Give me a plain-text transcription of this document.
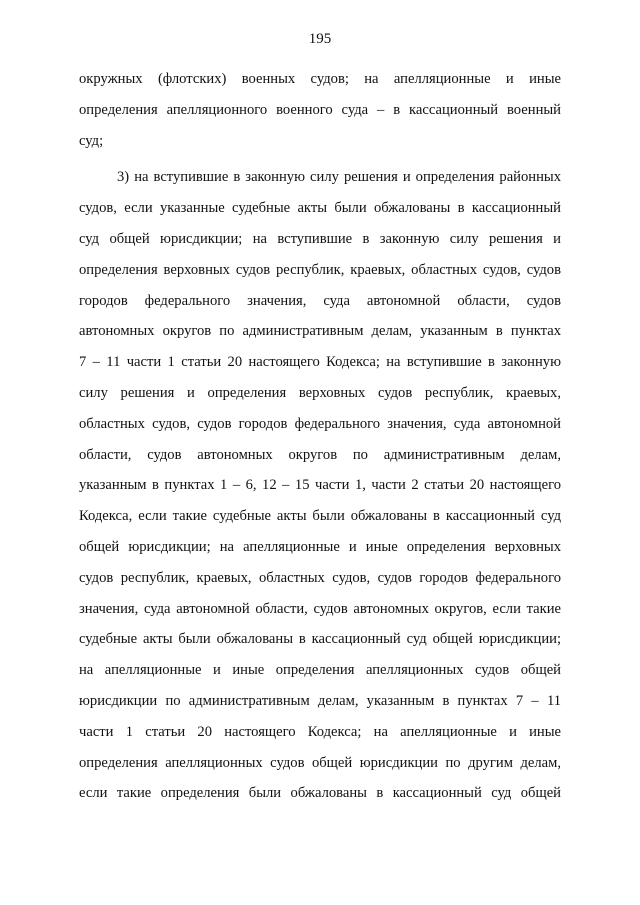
195
окружных (флотских) военных судов; на апелляционные и иные
определения апелляционного военного суда – в кассационный военный
суд;
3) на вступившие в законную силу решения и определения районных
судов, если указанные судебные акты были обжалованы в кассационный
суд общей юрисдикции; на вступившие в законную силу решения и
определения верховных судов республик, краевых, областных судов, судов
городов федерального значения, суда автономной области, судов
автономных округов по административным делам, указанным в пунктах
7 – 11 части 1 статьи 20 настоящего Кодекса; на вступившие в законную
силу решения и определения верховных судов республик, краевых,
областных судов, судов городов федерального значения, суда автономной
области, судов автономных округов по административным делам,
указанным в пунктах 1 – 6, 12 – 15 части 1, части 2 статьи 20 настоящего
Кодекса, если такие судебные акты были обжалованы в кассационный суд
общей юрисдикции; на апелляционные и иные определения верховных
судов республик, краевых, областных судов, судов городов федерального
значения, суда автономной области, судов автономных округов, если такие
судебные акты были обжалованы в кассационный суд общей юрисдикции;
на апелляционные и иные определения апелляционных судов общей
юрисдикции по административным делам, указанным в пунктах 7 – 11
части 1 статьи 20 настоящего Кодекса; на апелляционные и иные
определения апелляционных судов общей юрисдикции по другим делам,
если такие определения были обжалованы в кассационный суд общей
